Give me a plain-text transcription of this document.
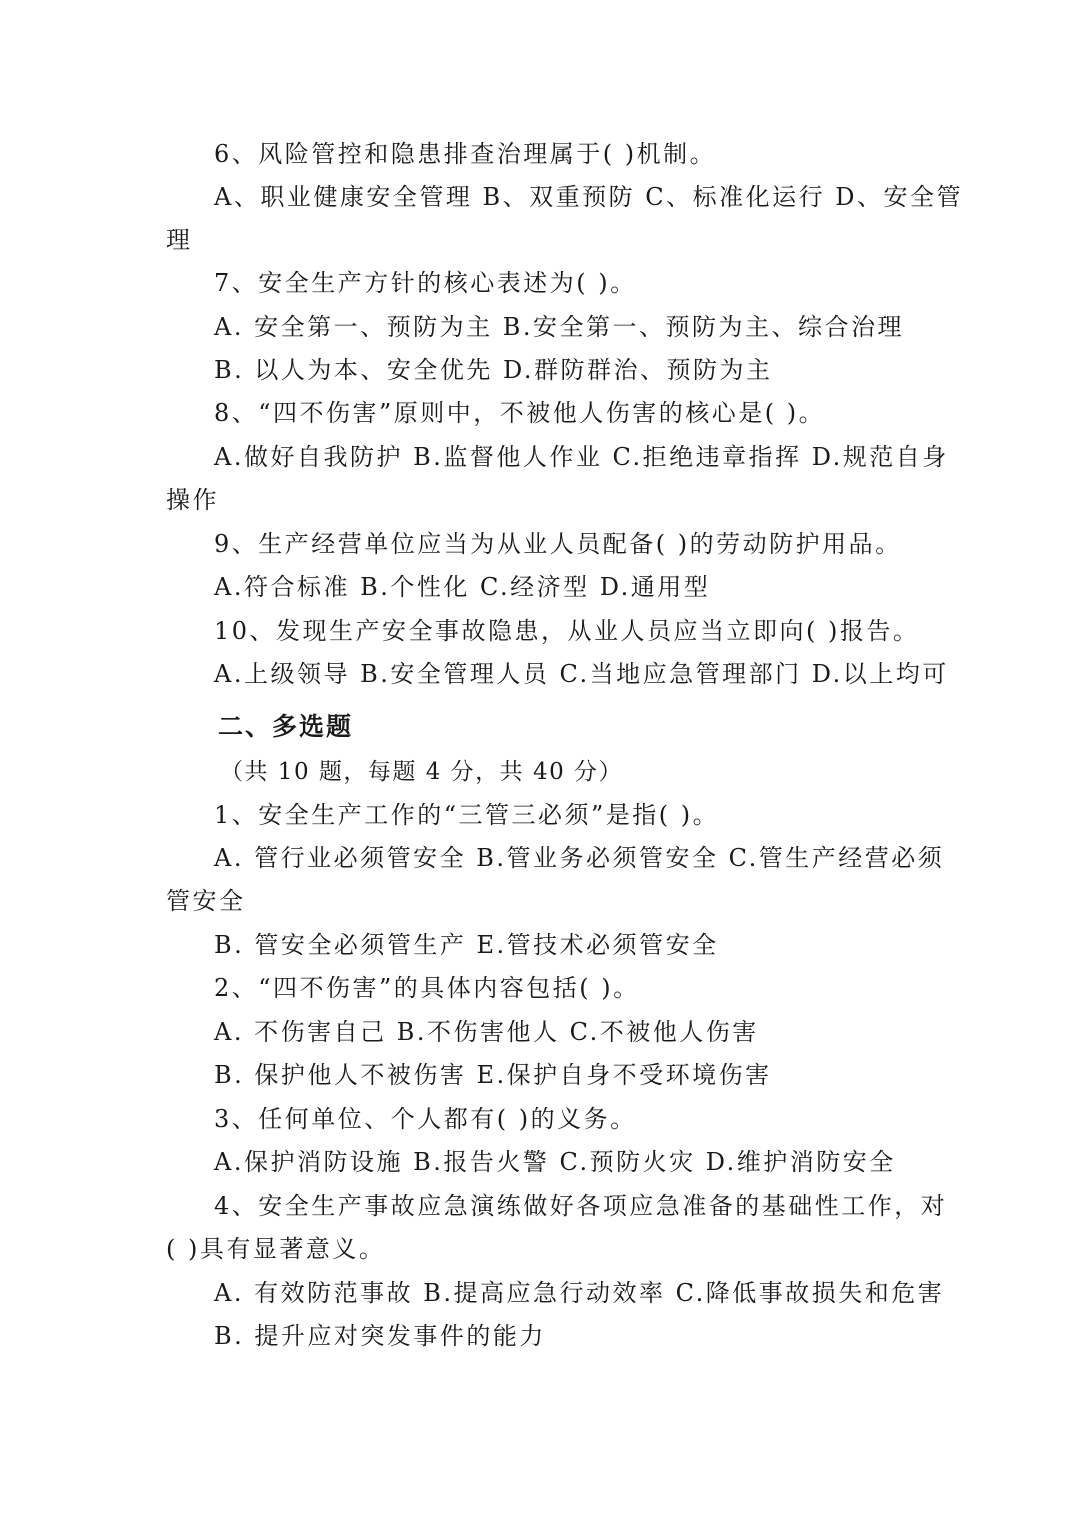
6、风险管控和隐患排查治理属于( )机制。
A、职业健康安全管理 B、双重预防 C、标准化运行 D、安全管
理
7、安全生产方针的核心表述为( )。
A. 安全第一、预防为主 B.安全第一、预防为主、综合治理
B. 以人为本、安全优先 D.群防群治、预防为主
8、“四不伤害”原则中，不被他人伤害的核心是( )。
A.做好自我防护 B.监督他人作业 C.拒绝违章指挥 D.规范自身
操作
9、生产经营单位应当为从业人员配备( )的劳动防护用品。
A.符合标准 B.个性化 C.经济型 D.通用型
10、发现生产安全事故隐患，从业人员应当立即向( )报告。
A.上级领导 B.安全管理人员 C.当地应急管理部门 D.以上均可
二、多选题
（共 10 题，每题 4 分，共 40 分）
1、安全生产工作的“三管三必须”是指( )。
A. 管行业必须管安全 B.管业务必须管安全 C.管生产经营必须
管安全
B. 管安全必须管生产 E.管技术必须管安全
2、“四不伤害”的具体内容包括( )。
A. 不伤害自己 B.不伤害他人 C.不被他人伤害
B. 保护他人不被伤害 E.保护自身不受环境伤害
3、任何单位、个人都有( )的义务。
A.保护消防设施 B.报告火警 C.预防火灾 D.维护消防安全
4、安全生产事故应急演练做好各项应急准备的基础性工作，对
( )具有显著意义。
A. 有效防范事故 B.提高应急行动效率 C.降低事故损失和危害
B. 提升应对突发事件的能力
